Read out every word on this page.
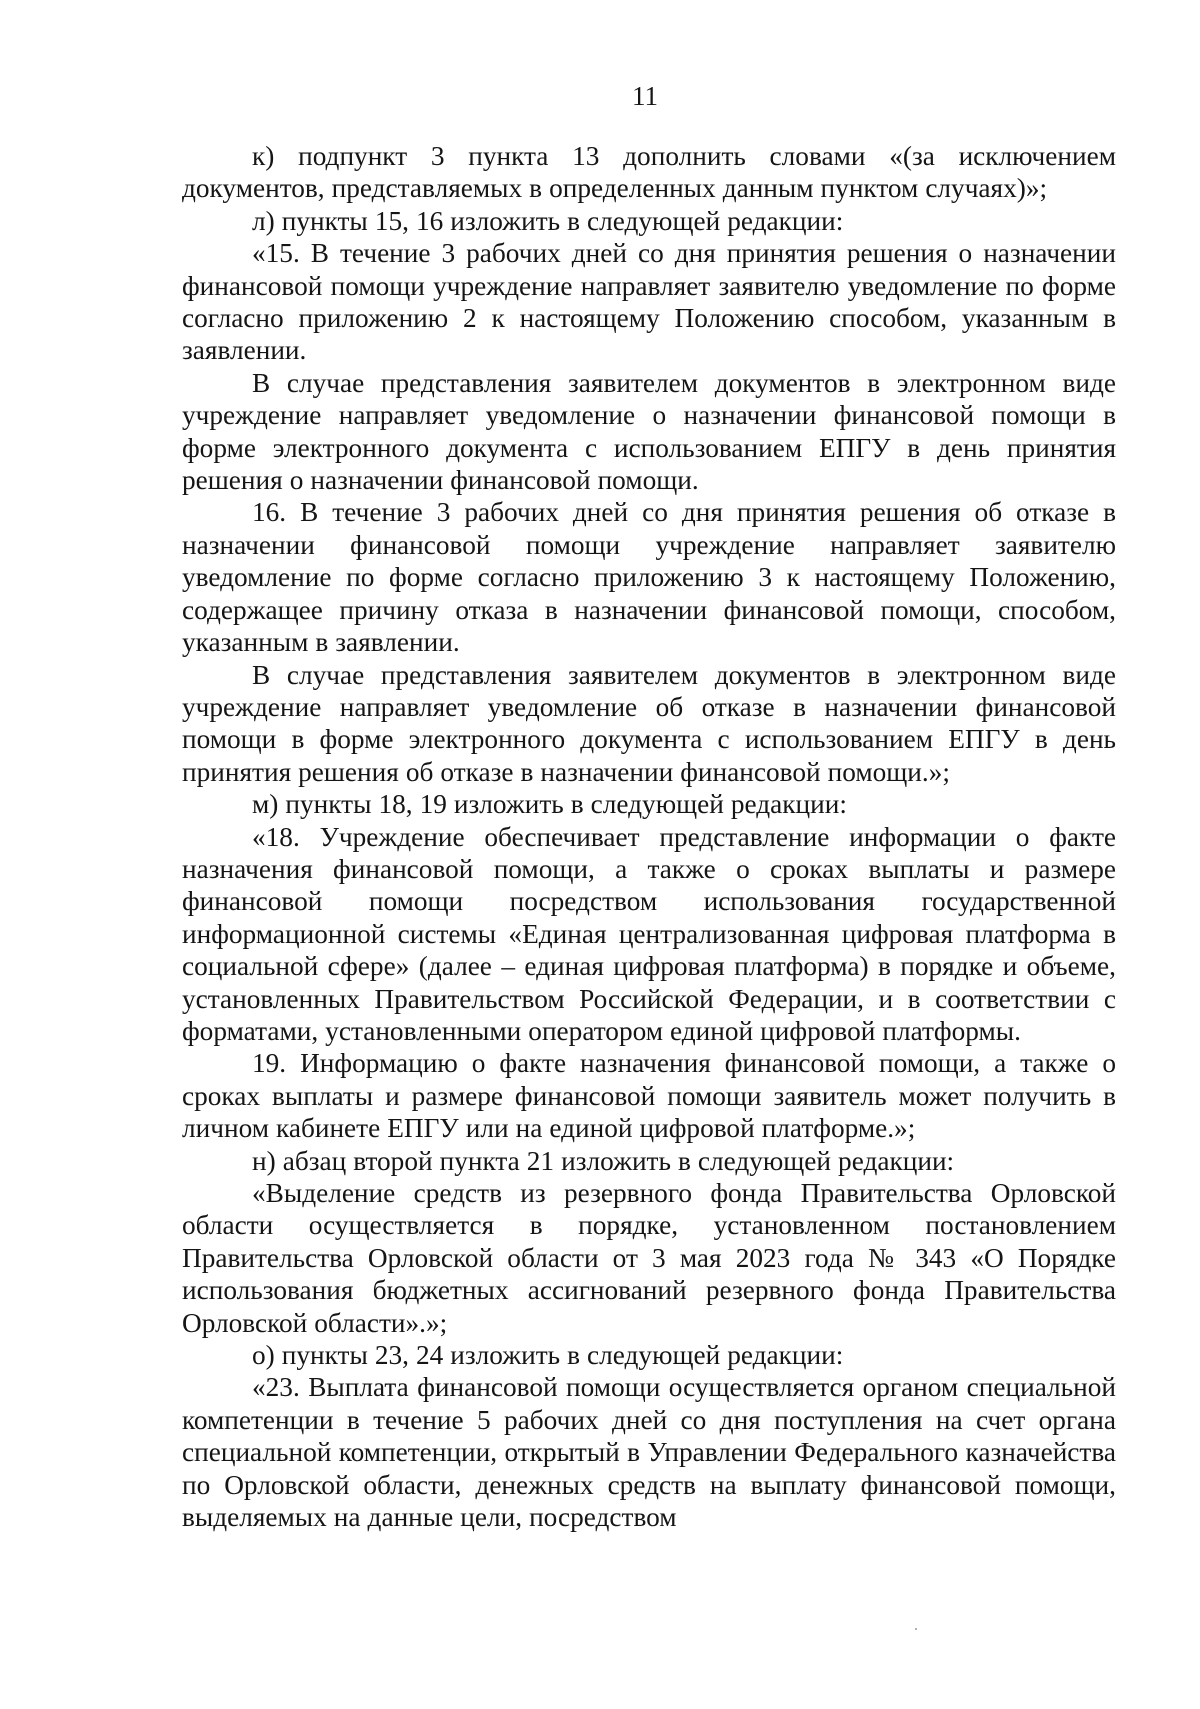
11

к) подпункт 3 пункта 13 дополнить словами «(за исключением документов, представляемых в определенных данным пунктом случаях)»;

л) пункты 15, 16 изложить в следующей редакции:

«15. В течение 3 рабочих дней со дня принятия решения о назначении финансовой помощи учреждение направляет заявителю уведомление по форме согласно приложению 2 к настоящему Положению способом, указанным в заявлении.

В случае представления заявителем документов в электронном виде учреждение направляет уведомление о назначении финансовой помощи в форме электронного документа с использованием ЕПГУ в день принятия решения о назначении финансовой помощи.

16. В течение 3 рабочих дней со дня принятия решения об отказе в назначении финансовой помощи учреждение направляет заявителю уведомление по форме согласно приложению 3 к настоящему Положению, содержащее причину отказа в назначении финансовой помощи, способом, указанным в заявлении.

В случае представления заявителем документов в электронном виде учреждение направляет уведомление об отказе в назначении финансовой помощи в форме электронного документа с использованием ЕПГУ в день принятия решения об отказе в назначении финансовой помощи.»;

м) пункты 18, 19 изложить в следующей редакции:

«18. Учреждение обеспечивает представление информации о факте назначения финансовой помощи, а также о сроках выплаты и размере финансовой помощи посредством использования государственной информационной системы «Единая централизованная цифровая платформа в социальной сфере» (далее – единая цифровая платформа) в порядке и объеме, установленных Правительством Российской Федерации, и в соответствии с форматами, установленными оператором единой цифровой платформы.

19. Информацию о факте назначения финансовой помощи, а также о сроках выплаты и размере финансовой помощи заявитель может получить в личном кабинете ЕПГУ или на единой цифровой платформе.»;

н) абзац второй пункта 21 изложить в следующей редакции:

«Выделение средств из резервного фонда Правительства Орловской области осуществляется в порядке, установленном постановлением Правительства Орловской области от 3 мая 2023 года № 343 «О Порядке использования бюджетных ассигнований резервного фонда Правительства Орловской области».»;

о) пункты 23, 24 изложить в следующей редакции:

«23. Выплата финансовой помощи осуществляется органом специальной компетенции в течение 5 рабочих дней со дня поступления на счет органа специальной компетенции, открытый в Управлении Федерального казначейства по Орловской области, денежных средств на выплату финансовой помощи, выделяемых на данные цели, посредством
